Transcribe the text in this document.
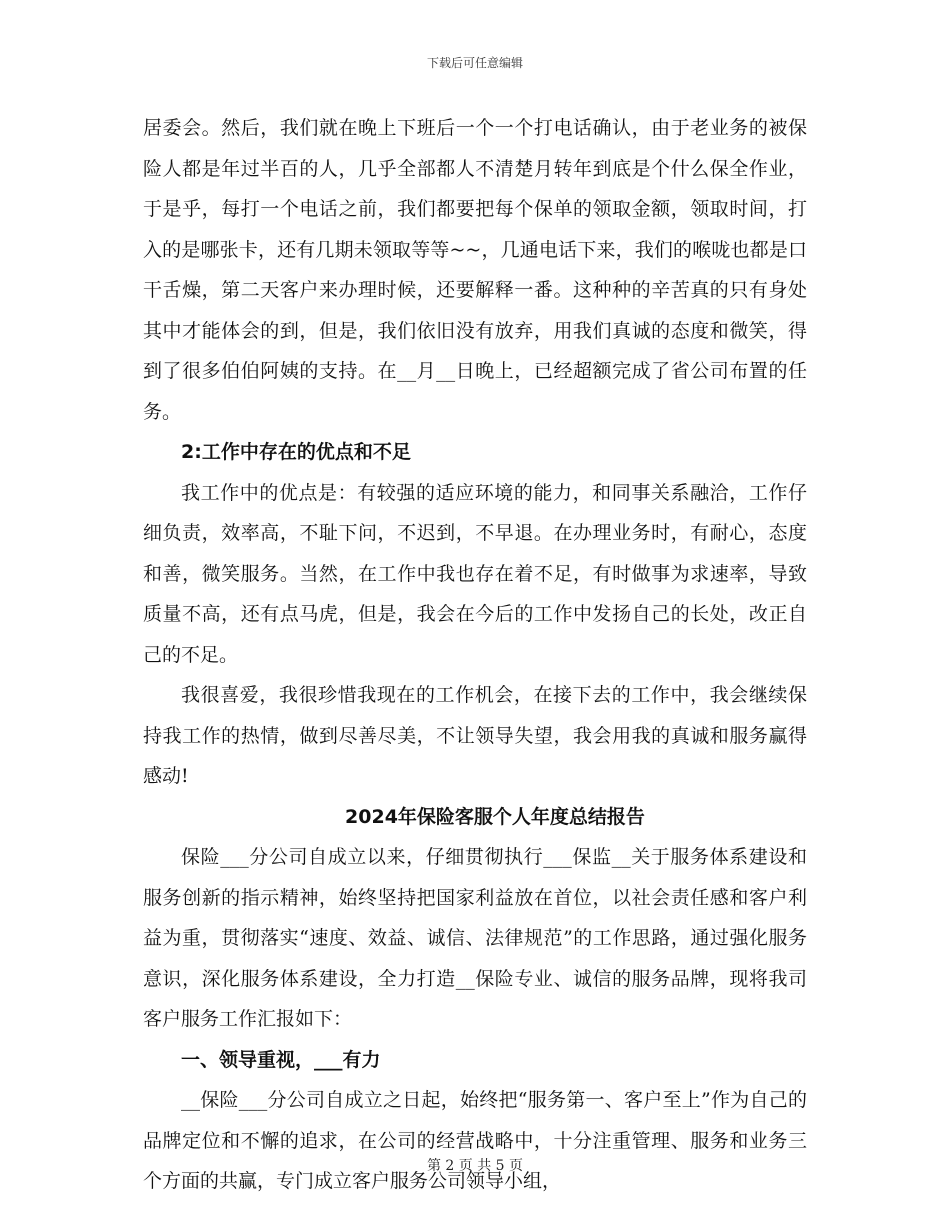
下载后可任意编辑

居委会。然后，我们就在晚上下班后一个一个打电话确认，由于老业务的被保险人都是年过半百的人，几乎全部都人不清楚月转年到底是个什么保全作业，于是乎，每打一个电话之前，我们都要把每个保单的领取金额，领取时间，打入的是哪张卡，还有几期未领取等等~~，几通电话下来，我们的喉咙也都是口干舌燥，第二天客户来办理时候，还要解释一番。这种种的辛苦真的只有身处其中才能体会的到，但是，我们依旧没有放弃，用我们真诚的态度和微笑，得到了很多伯伯阿姨的支持。在__月__日晚上，已经超额完成了省公司布置的任务。

2:工作中存在的优点和不足

我工作中的优点是：有较强的适应环境的能力，和同事关系融洽，工作仔细负责，效率高，不耻下问，不迟到，不早退。在办理业务时，有耐心，态度和善，微笑服务。当然，在工作中我也存在着不足，有时做事为求速率，导致质量不高，还有点马虎，但是，我会在今后的工作中发扬自己的长处，改正自己的不足。

我很喜爱，我很珍惜我现在的工作机会，在接下去的工作中，我会继续保持我工作的热情，做到尽善尽美，不让领导失望，我会用我的真诚和服务赢得感动!

2024年保险客服个人年度总结报告

保险___分公司自成立以来，仔细贯彻执行___保监__关于服务体系建设和服务创新的指示精神，始终坚持把国家利益放在首位，以社会责任感和客户利益为重，贯彻落实“速度、效益、诚信、法律规范”的工作思路，通过强化服务意识，深化服务体系建设，全力打造__保险专业、诚信的服务品牌，现将我司客户服务工作汇报如下：

一、领导重视，___有力

__保险___分公司自成立之日起，始终把“服务第一、客户至上”作为自己的品牌定位和不懈的追求，在公司的经营战略中，十分注重管理、服务和业务三个方面的共赢，专门成立客户服务公司领导小组，

第 2 页 共 5 页
